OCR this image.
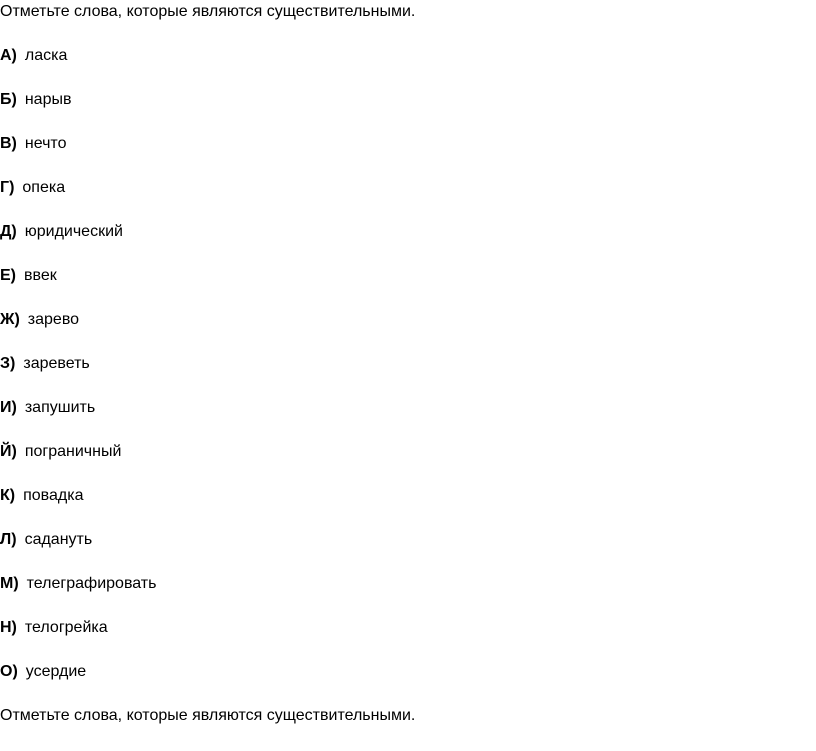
Отметьте слова, которые являются существительными.
А) ласка
Б) нарыв
В) нечто
Г) опека
Д) юридический
Е) ввек
Ж) зарево
З) зареветь
И) запушить
Й) пограничный
К) повадка
Л) садануть
М) телеграфировать
Н) телогрейка
О) усердие
Отметьте слова, которые являются существительными.
